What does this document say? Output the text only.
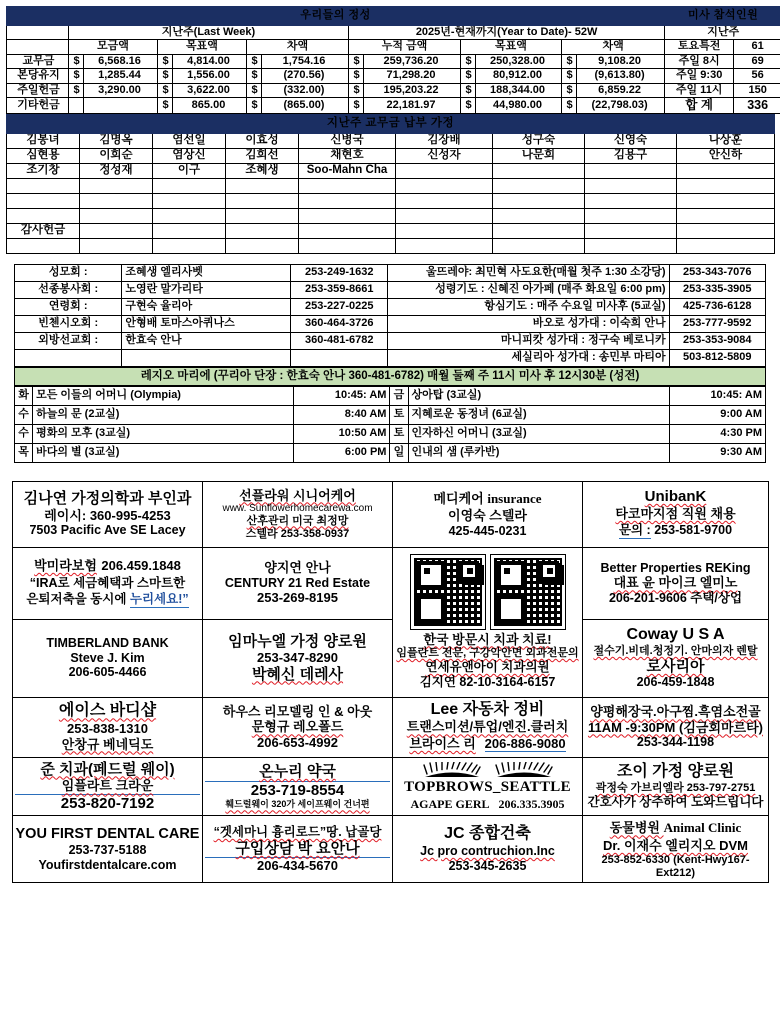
우리들의 정성													미사 참석인원	
	지난주(Last Week)						2025년-현재까지(Year to Date)- 52W						지난주	
	모금액		목표액		차액		누적 금액		목표액		차액		토요특전	61
교무금	$	6,568.16	$	4,814.00	$	1,754.16	$	259,736.20	$	250,328.00	$	9,108.20	주일 8시	69
본당유지	$	1,285.44	$	1,556.00	$	(270.56)	$	71,298.20	$	80,912.00	$	(9,613.80)	주일 9:30	56
주일헌금	$	3,290.00	$	3,622.00	$	(332.00)	$	195,203.22	$	188,344.00	$	6,859.22	주일 11시	150
기타헌금			$	865.00	$	(865.00)	$	22,181.97	$	44,980.00	$	(22,798.03)	합 계	336
지난주 교무금 납부 가정								
김봉녀	김명옥	염선일	이효성	신병국	김장배	성구숙	신영숙	나상훈
심현용	이희순	염상신	김희선	채현호	신성자	나문희	김용구	안신하
조기창	정성재	이구	조혜생	Soo-Mahn Cha				

감사헌금								

성모회 :	조혜생 엘리사벳	253-249-1632	울뜨레야: 최민혁 사도요한(매월 첫주 1:30 소강당)	253-343-7076
선종봉사회 :	노영란 말가리타	253-359-8661	성령기도 : 신혜진 아가페 (매주 화요일 6:00 pm)	253-335-3905
연령회 :	구현숙 율리아	253-227-0225	항심기도 : 매주 수요일 미사후 (5교실)	425-736-6128
빈첸시오회 :	안형배 토마스아퀴나스	360-464-3726	바오로 성가대 : 이숙희 안나	253-777-9592
외방선교회 :	한효숙 안나	360-481-6782	마니피캇 성가대 : 정구숙 베로니카	253-353-9084
			세실리아 성가대 : 송민부 마티아	503-812-5809
레지오 마리에 (꾸리아 단장 : 한효숙 안나 360-481-6782) 매월 둘째 주 11시 미사 후 12시30분 (성전)
화	모든 이들의 어머니 (Olympia)	10:45: AM	금	상아탑 (3교실)	10:45: AM
수	하늘의 문 (2교실)	8:40 AM	토	지혜로운 동정녀 (6교실)	9:00 AM
수	평화의 모후 (3교실)	10:50 AM	토	인자하신 어머니 (3교실)	4:30 PM
목	바다의 별 (3교실)	6:00 PM	일	인내의 샘 (루카반)	9:30 AM
김나연 가정의학과 부인과
레이시: 360-995-4253
7503 Pacific Ave SE Lacey

선플라워 시니어케어
www. Sunflowerhomecarewa.com
산후관리 미국 최정망
스텔라 253-358-0937

메디케어 insurance
이영숙 스텔라
425-445-0231

UnibanK
타코마지점 직원 채용
문의 : 253-581-9700

박미라보험 206.459.1848
“IRA로 세금혜택과 스마트한
은퇴저축을 동시에 누리세요!”

양지연 안나
CENTURY 21 Red Estate
253-269-8195

한국 방문시 치과 치료!
임플란트 전문, 구강악안면 외과전문의
연세유앤아이 치과의원
김지연 82-10-3164-6157

Better Properties REKing
대표 윤 마이크 엘미노
206-201-9606 주택/상업

TIMBERLAND BANK
Steve J. Kim
206-605-4466

임마누엘 가정 양로원
253-347-8290
박혜신 데레사

Coway U S A
절수기.비데.청정기. 안마의자 렌탈
로사리아
206-459-1848

에이스 바디샵
253-838-1310
안창규 베네딕도

하우스 리모델링 인 & 아웃
문형규 레오폴드
206-653-4992

Lee 자동차 정비
트랜스미션/튜업/엔진.클러치
브라이스 리 206-886-9080

양평해장국.아구찜.흑염소전골
11AM -9:30PM (김금회마르타)
253-344-1198

준 치과(페드럴 웨이)
임플라트 크라운
253-820-7192

온누리 약국
253-719-8554
훼드럴웨이 320가 세이프웨이 건너편

TOPBROWS_SEATTLE
AGAPE GERL 206.335.3905

조이 가정 양로원
곽정숙 가브리엘라 253-797-2751
간호사가 상주하여 도와드립니다

YOU FIRST DENTAL CARE
253-737-5188
Youfirstdentalcare.com

“겟세마니 흉리로드”땅. 납골당
구입상담 박 요안나
206-434-5670

JC 종합건축
Jc pro contruchion.Inc
253-345-2635

동물병원 Animal Clinic
Dr. 이재수 엘리지오 DVM
253-852-6330 (Kent-Hwy167-Ext212)
